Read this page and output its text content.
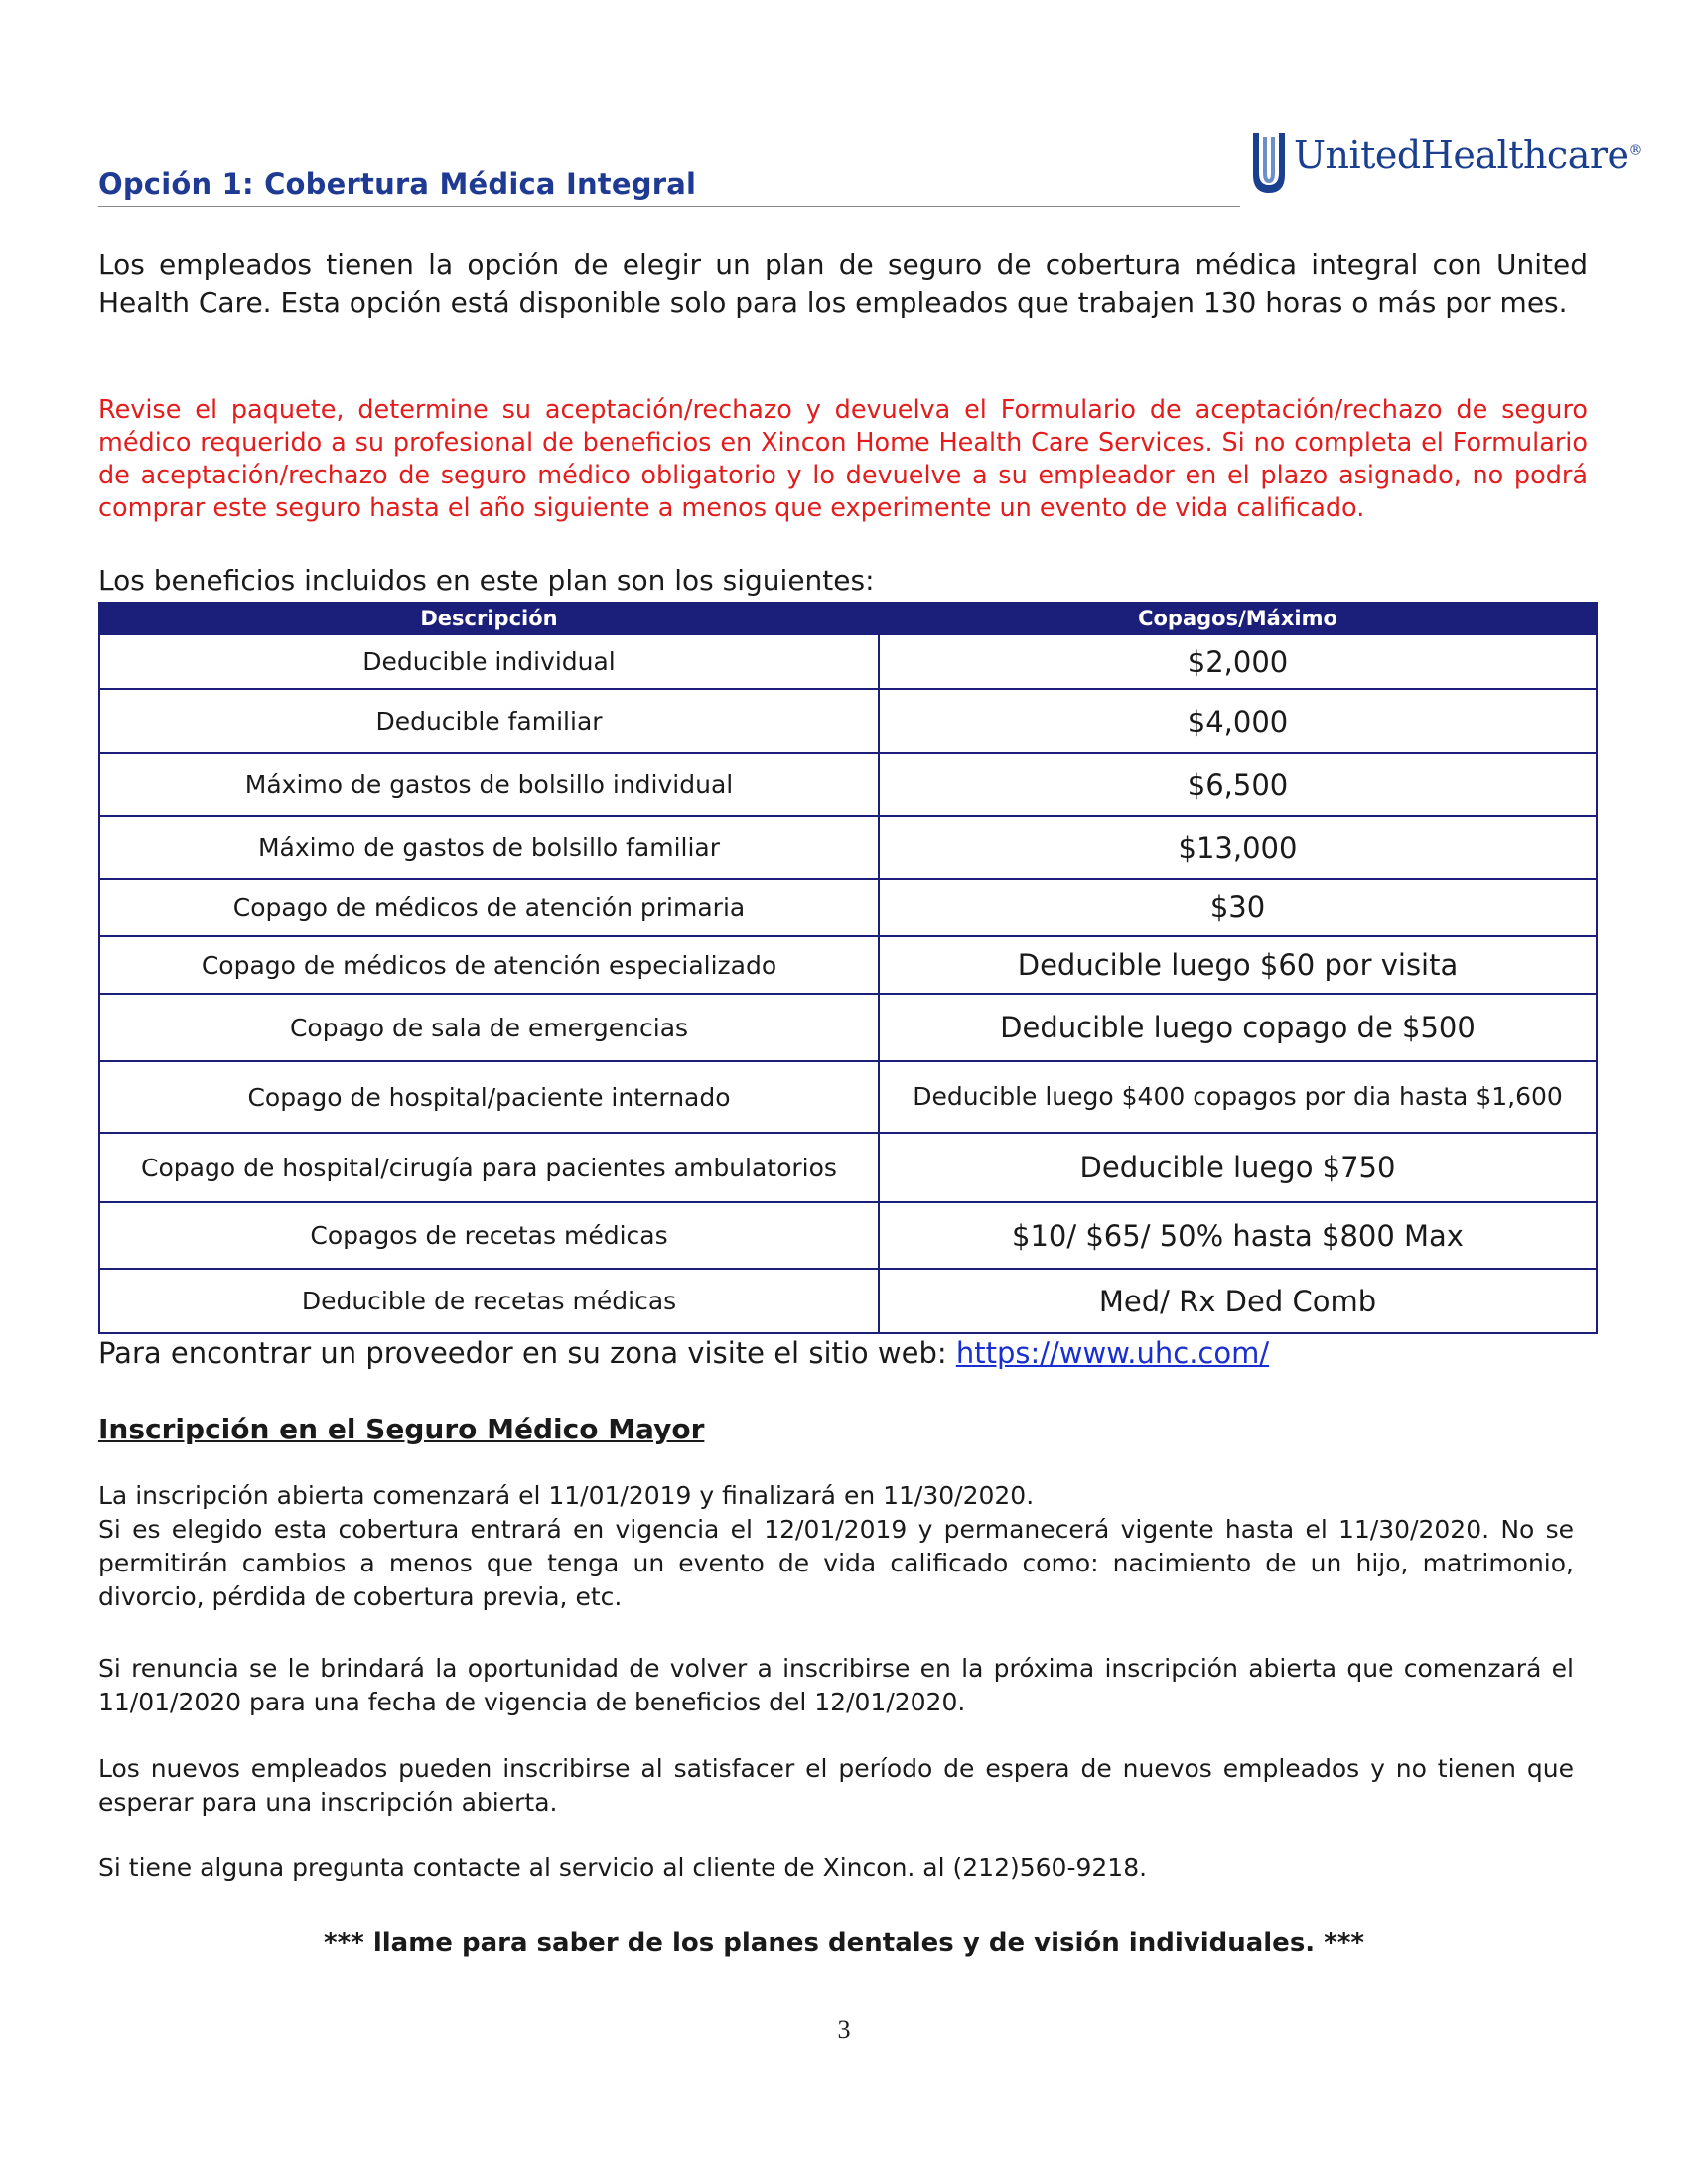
Opción 1: Cobertura Médica Integral
UnitedHealthcare®

Los empleados tienen la opción de elegir un plan de seguro de cobertura médica integral con United Health Care. Esta opción está disponible solo para los empleados que trabajen 130 horas o más por mes.

Revise el paquete, determine su aceptación/rechazo y devuelva el Formulario de aceptación/rechazo de seguro médico requerido a su profesional de beneficios en Xincon Home Health Care Services. Si no completa el Formulario de aceptación/rechazo de seguro médico obligatorio y lo devuelve a su empleador en el plazo asignado, no podrá comprar este seguro hasta el año siguiente a menos que experimente un evento de vida calificado.

Los beneficios incluidos en este plan son los siguientes:

Descripción	Copagos/Máximo
Deducible individual	$2,000
Deducible familiar	$4,000
Máximo de gastos de bolsillo individual	$6,500
Máximo de gastos de bolsillo familiar	$13,000
Copago de médicos de atención primaria	$30
Copago de médicos de atención especializado	Deducible luego $60 por visita
Copago de sala de emergencias	Deducible luego copago de $500
Copago de hospital/paciente internado	Deducible luego $400 copagos por dia hasta $1,600
Copago de hospital/cirugía para pacientes ambulatorios	Deducible luego $750
Copagos de recetas médicas	$10/ $65/ 50% hasta $800 Max
Deducible de recetas médicas	Med/ Rx Ded Comb

Para encontrar un proveedor en su zona visite el sitio web: https://www.uhc.com/

Inscripción en el Seguro Médico Mayor

La inscripción abierta comenzará el 11/01/2019 y finalizará en 11/30/2020.
Si es elegido esta cobertura entrará en vigencia el 12/01/2019 y permanecerá vigente hasta el 11/30/2020. No se permitirán cambios a menos que tenga un evento de vida calificado como: nacimiento de un hijo, matrimonio, divorcio, pérdida de cobertura previa, etc.

Si renuncia se le brindará la oportunidad de volver a inscribirse en la próxima inscripción abierta que comenzará el 11/01/2020 para una fecha de vigencia de beneficios del 12/01/2020.

Los nuevos empleados pueden inscribirse al satisfacer el período de espera de nuevos empleados y no tienen que esperar para una inscripción abierta.

Si tiene alguna pregunta contacte al servicio al cliente de Xincon. al (212)560-9218.

*** llame para saber de los planes dentales y de visión individuales. ***

3
